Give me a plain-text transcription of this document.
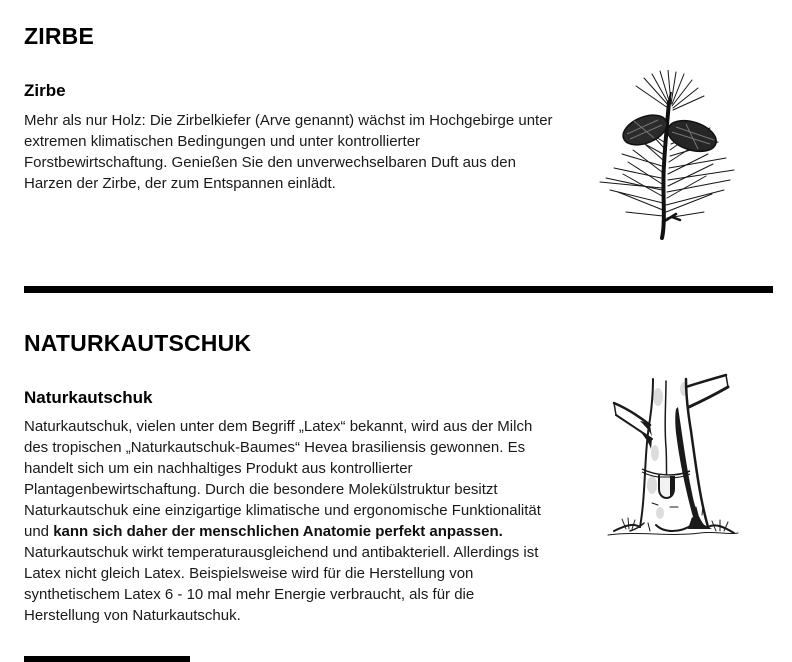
ZIRBE
Zirbe
Mehr als nur Holz: Die Zirbelkiefer (Arve genannt) wächst im Hochgebirge unter extremen klimatischen Bedingungen und unter kontrollierter Forstbewirtschaftung. Genießen Sie den unverwechselbaren Duft aus den Harzen der Zirbe, der zum Entspannen einlädt.
NATURKAUTSCHUK
Naturkautschuk
Naturkautschuk, vielen unter dem Begriff „Latex“ bekannt, wird aus der Milch des tropischen „Naturkautschuk-Baumes“ Hevea brasiliensis gewonnen. Es handelt sich um ein nachhaltiges Produkt aus kontrollierter Plantagenbewirtschaftung. Durch die besondere Molekülstruktur besitzt Naturkautschuk eine einzigartige klimatische und ergonomische Funktionalität und kann sich daher der menschlichen Anatomie perfekt anpassen. Naturkautschuk wirkt temperaturausgleichend und antibakteriell. Allerdings ist Latex nicht gleich Latex. Beispielsweise wird für die Herstellung von synthetischem Latex 6 - 10 mal mehr Energie verbraucht, als für die Herstellung von Naturkautschuk.
